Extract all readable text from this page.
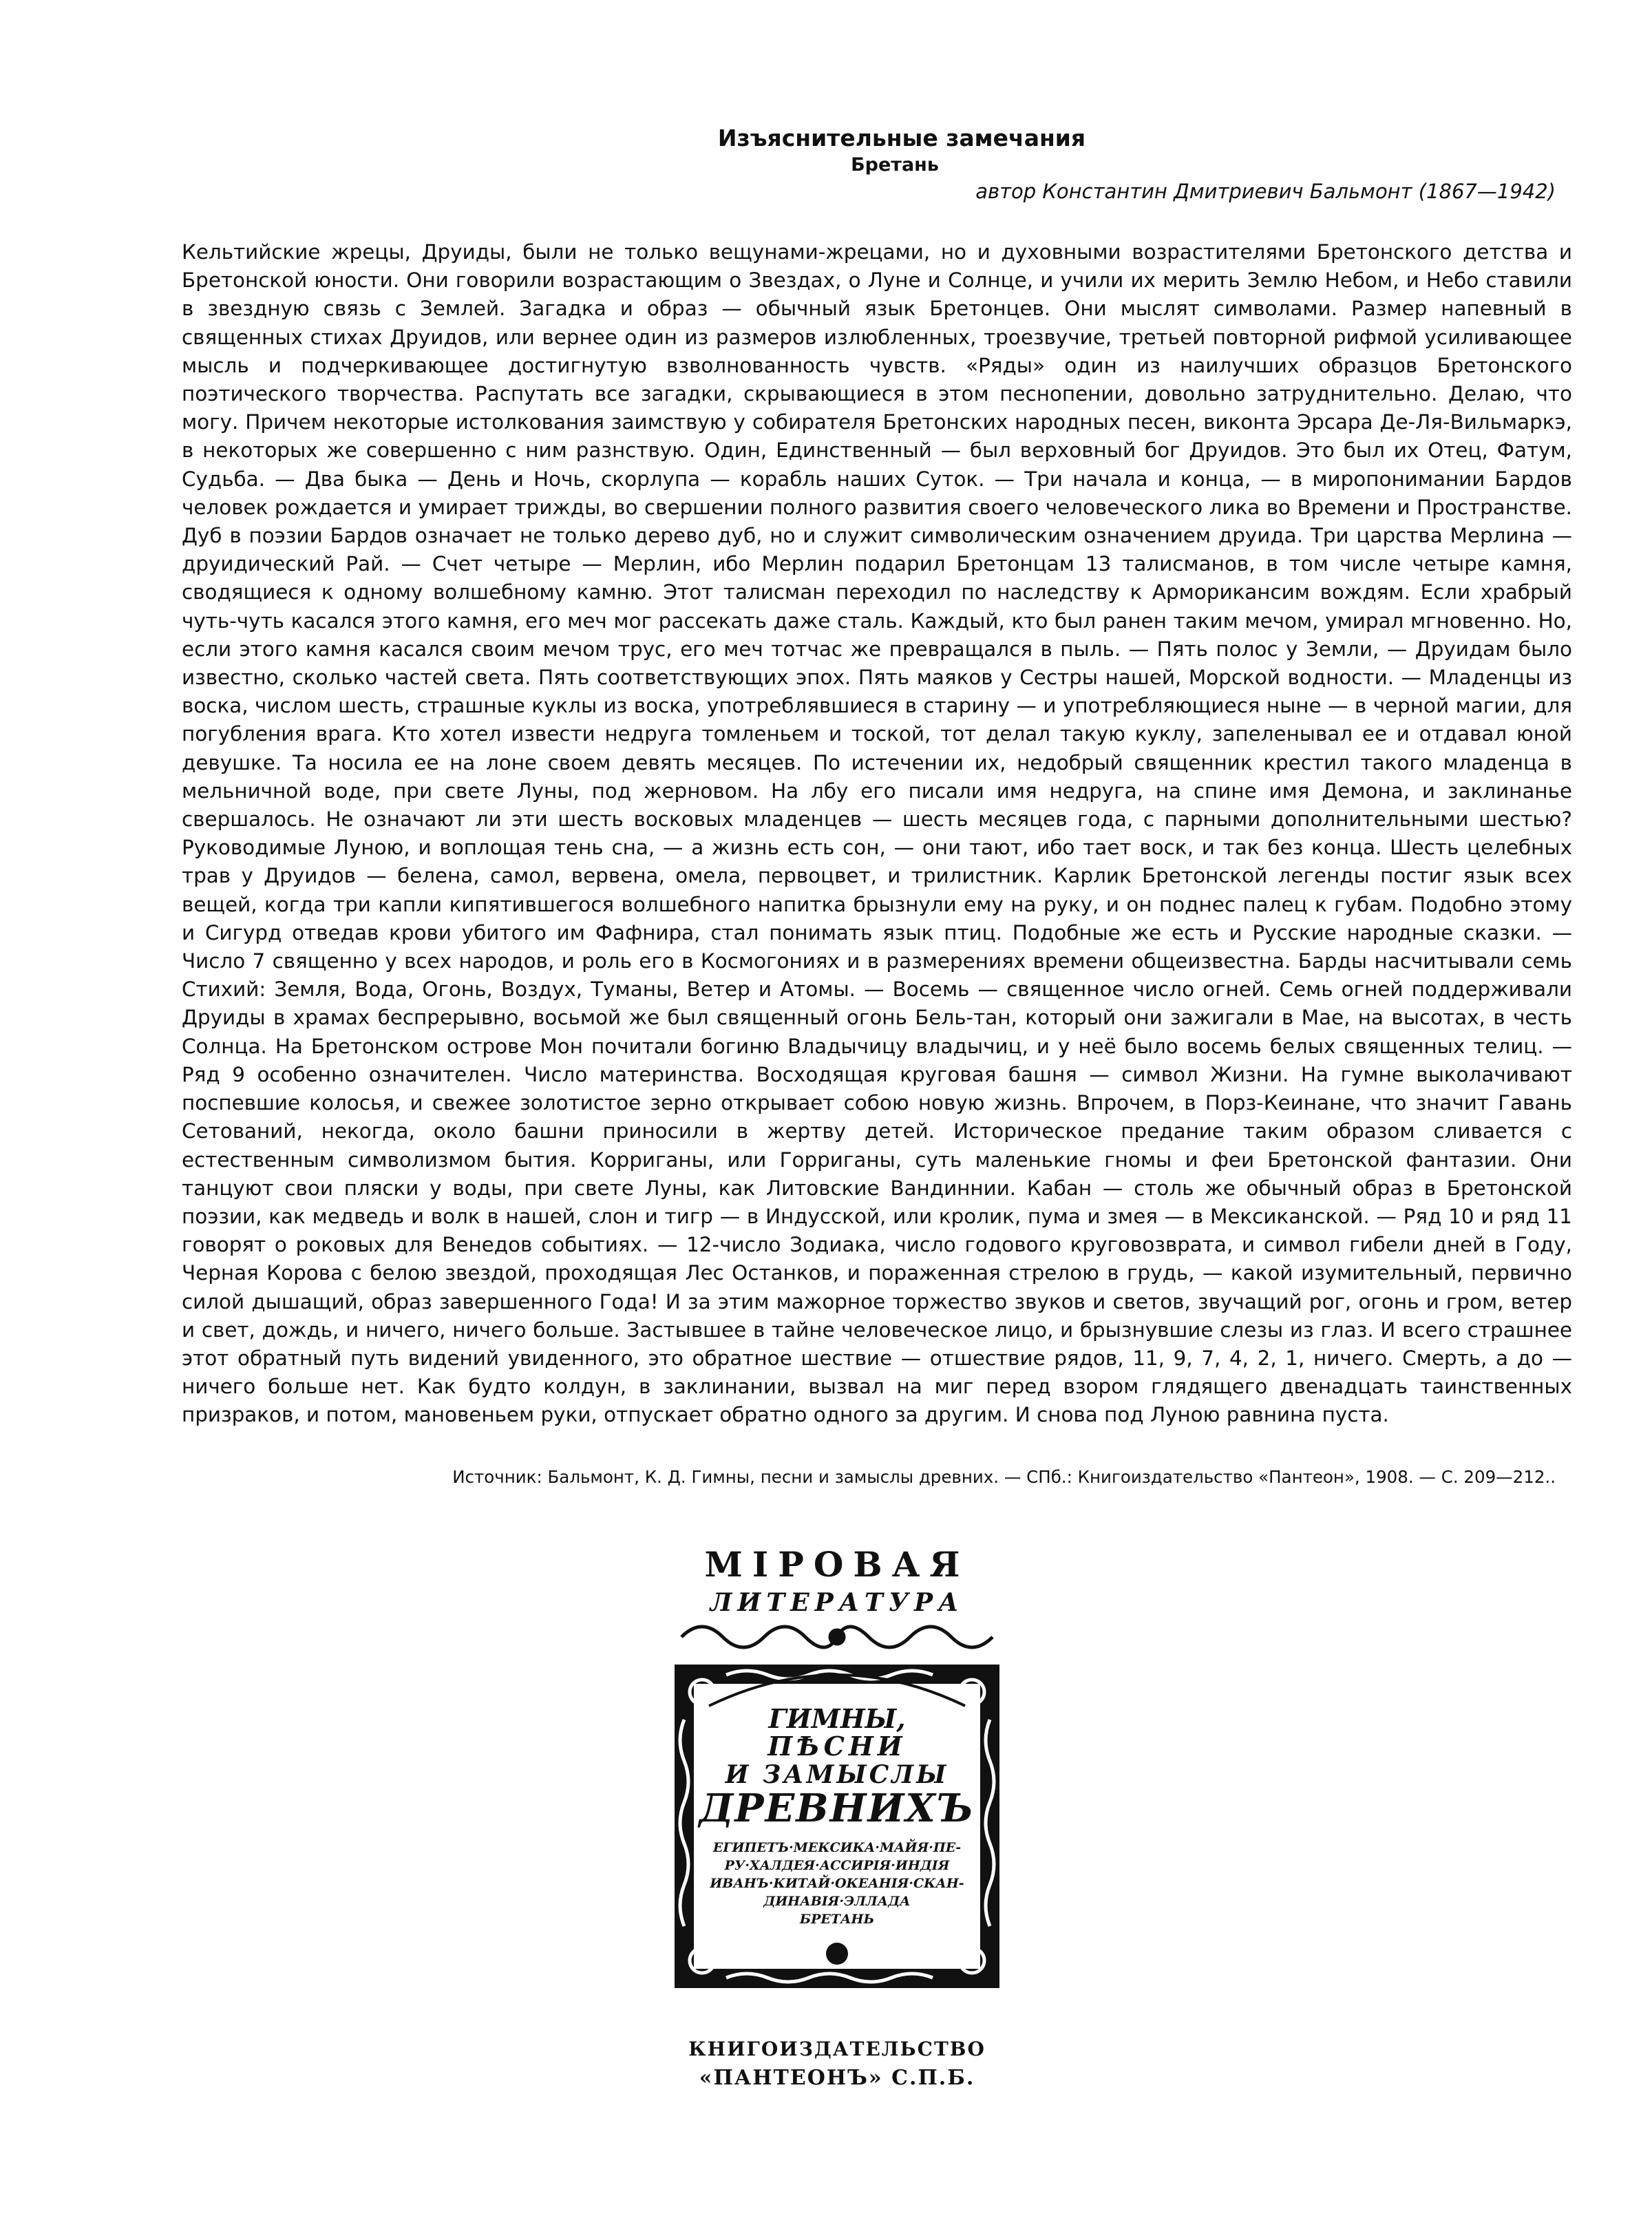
Изъяснительные замечания
Бретань
автор Константин Дмитриевич Бальмонт (1867—1942)
Кельтийские жрецы, Друиды, были не только вещунами-жрецами, но и духовными возрастителями Бретонского детства и Бретонской юности. Они говорили возрастающим о Звездах, о Луне и Солнце, и учили их мерить Землю Небом, и Небо ставили в звездную связь с Землей. Загадка и образ — обычный язык Бретонцев. Они мыслят символами. Размер напевный в священных стихах Друидов, или вернее один из размеров излюбленных, троезвучие, третьей повторной рифмой усиливающее мысль и подчеркивающее достигнутую взволнованность чувств. «Ряды» один из наилучших образцов Бретонского поэтического творчества. Распутать все загадки, скрывающиеся в этом песнопении, довольно затруднительно. Делаю, что могу. Причем некоторые истолкования заимствую у собирателя Бретонских народных песен, виконта Эрсара Де-Ля-Вильмаркэ, в некоторых же совершенно с ним разнствую. Один, Единственный — был верховный бог Друидов. Это был их Отец, Фатум, Судьба. — Два быка — День и Ночь, скорлупа — корабль наших Суток. — Три начала и конца, — в миропонимании Бардов человек рождается и умирает трижды, во свершении полного развития своего человеческого лика во Времени и Пространстве. Дуб в поэзии Бардов означает не только дерево дуб, но и служит символическим означением друида. Три царства Мерлина — друидический Рай. — Счет четыре — Мерлин, ибо Мерлин подарил Бретонцам 13 талисманов, в том числе четыре камня, сводящиеся к одному волшебному камню. Этот талисман переходил по наследству к Арморикансим вождям. Если храбрый чуть-чуть касался этого камня, его меч мог рассекать даже сталь. Каждый, кто был ранен таким мечом, умирал мгновенно. Но, если этого камня касался своим мечом трус, его меч тотчас же превращался в пыль. — Пять полос у Земли, — Друидам было известно, сколько частей света. Пять соответствующих эпох. Пять маяков у Сестры нашей, Морской водности. — Младенцы из воска, числом шесть, страшные куклы из воска, употреблявшиеся в старину — и употребляющиеся ныне — в черной магии, для погубления врага. Кто хотел извести недруга томленьем и тоской, тот делал такую куклу, запеленывал ее и отдавал юной девушке. Та носила ее на лоне своем девять месяцев. По истечении их, недобрый священник крестил такого младенца в мельничной воде, при свете Луны, под жерновом. На лбу его писали имя недруга, на спине имя Демона, и заклинанье свершалось. Не означают ли эти шесть восковых младенцев — шесть месяцев года, с парными дополнительными шестью? Руководимые Луною, и воплощая тень сна, — а жизнь есть сон, — они тают, ибо тает воск, и так без конца. Шесть целебных трав у Друидов — белена, самол, вервена, омела, первоцвет, и трилистник. Карлик Бретонской легенды постиг язык всех вещей, когда три капли кипятившегося волшебного напитка брызнули ему на руку, и он поднес палец к губам. Подобно этому и Сигурд отведав крови убитого им Фафнира, стал понимать язык птиц. Подобные же есть и Русские народные сказки. — Число 7 священно у всех народов, и роль его в Космогониях и в размерениях времени общеизвестна. Барды насчитывали семь Стихий: Земля, Вода, Огонь, Воздух, Туманы, Ветер и Атомы. — Восемь — священное число огней. Семь огней поддерживали Друиды в храмах беспрерывно, восьмой же был священный огонь Бель-тан, который они зажигали в Мае, на высотах, в честь Солнца. На Бретонском острове Мон почитали богиню Владычицу владычиц, и у неё было восемь белых священных телиц. — Ряд 9 особенно означителен. Число материнства. Восходящая круговая башня — символ Жизни. На гумне выколачивают поспевшие колосья, и свежее золотистое зерно открывает собою новую жизнь. Впрочем, в Порз-Кеинане, что значит Гавань Сетований, некогда, около башни приносили в жертву детей. Историческое предание таким образом сливается с естественным символизмом бытия. Корриганы, или Горриганы, суть маленькие гномы и феи Бретонской фантазии. Они танцуют свои пляски у воды, при свете Луны, как Литовские Вандиннии. Кабан — столь же обычный образ в Бретонской поэзии, как медведь и волк в нашей, слон и тигр — в Индусской, или кролик, пума и змея — в Мексиканской. — Ряд 10 и ряд 11 говорят о роковых для Венедов событиях. — 12-число Зодиака, число годового круговозврата, и символ гибели дней в Году, Черная Корова с белою звездой, проходящая Лес Останков, и пораженная стрелою в грудь, — какой изумительный, первично силой дышащий, образ завершенного Года! И за этим мажорное торжество звуков и светов, звучащий рог, огонь и гром, ветер и свет, дождь, и ничего, ничего больше. Застывшее в тайне человеческое лицо, и брызнувшие слезы из глаз. И всего страшнее этот обратный путь видений увиденного, это обратное шествие — отшествие рядов, 11, 9, 7, 4, 2, 1, ничего. Смерть, а до — ничего больше нет. Как будто колдун, в заклинании, вызвал на миг перед взором глядящего двенадцать таинственных призраков, и потом, мановеньем руки, отпускает обратно одного за другим. И снова под Луною равнина пуста.
Источник: Бальмонт, К. Д. Гимны, песни и замыслы древних. — СПб.: Книгоиздательство «Пантеон», 1908. — С. 209—212..
МІРОВАЯ
ЛИТЕРАТУРА
ГИМНЫ,
ПѢСНИ
И ЗАМЫСЛЫ
ДРЕВНИХЪ
ЕГИПЕТЪ·МЕКСИКА·МАЙЯ·ПЕ-
РУ·ХАЛДЕЯ·АССИРІЯ·ИНДІЯ
ИВАНЪ·КИТАЙ·ОКЕАНІЯ·СКАН-
ДИНАВІЯ·ЭЛЛАДА
БРЕТАНЬ
КНИГОИЗДАТЕЛЬСТВО
«ПАНТЕОНЪ» С.П.Б.
